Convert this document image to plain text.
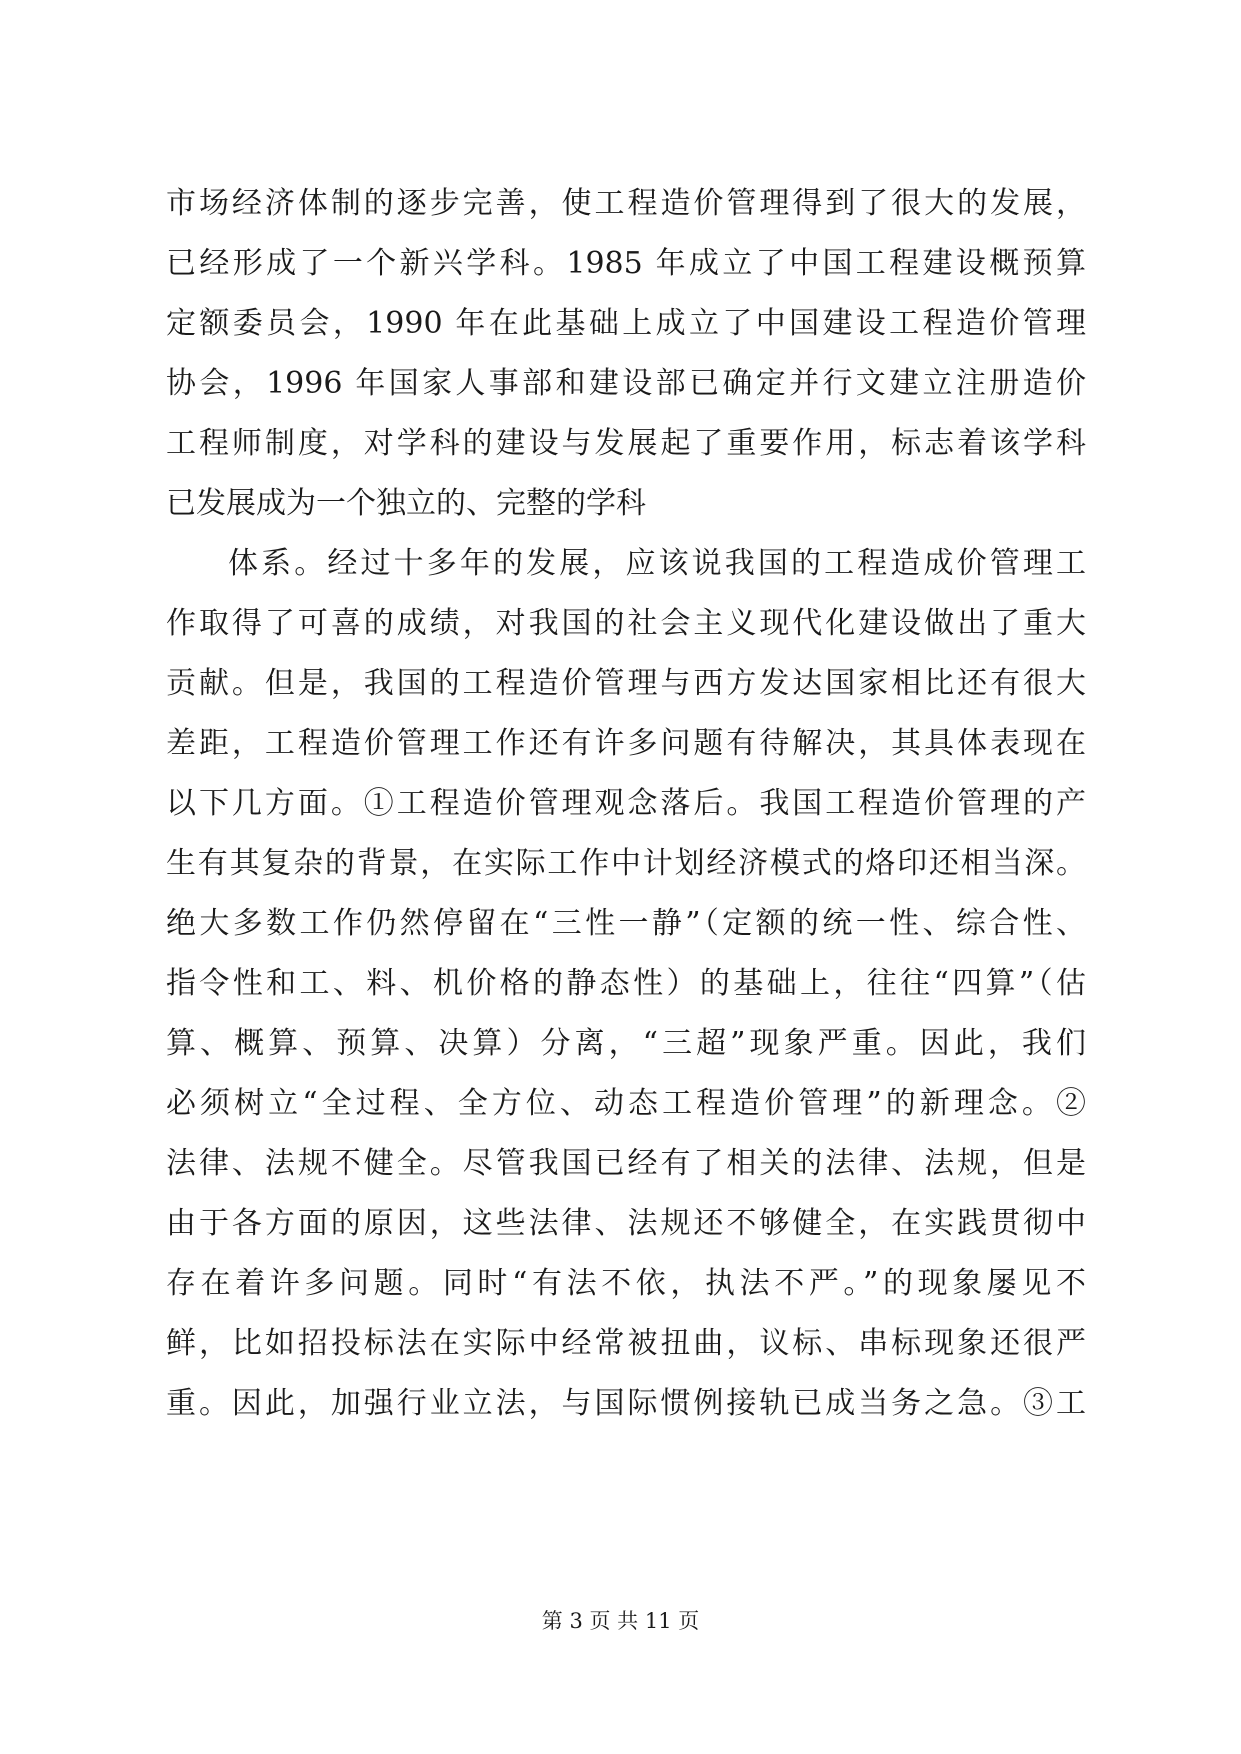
市场经济体制的逐步完善，使工程造价管理得到了很大的发展，
已经形成了一个新兴学科。1985 年成立了中国工程建设概预算
定额委员会，1990 年在此基础上成立了中国建设工程造价管理
协会，1996 年国家人事部和建设部已确定并行文建立注册造价
工程师制度，对学科的建设与发展起了重要作用，标志着该学科
已发展成为一个独立的、完整的学科
体系。经过十多年的发展，应该说我国的工程造成价管理工
作取得了可喜的成绩，对我国的社会主义现代化建设做出了重大
贡献。但是，我国的工程造价管理与西方发达国家相比还有很大
差距，工程造价管理工作还有许多问题有待解决，其具体表现在
以下几方面。①工程造价管理观念落后。我国工程造价管理的产
生有其复杂的背景，在实际工作中计划经济模式的烙印还相当深。
绝大多数工作仍然停留在“三性一静”（定额的统一性、综合性、
指令性和工、料、机价格的静态性）的基础上，往往“四算”（估
算、概算、预算、决算）分离，“三超”现象严重。因此，我们
必须树立“全过程、全方位、动态工程造价管理”的新理念。②
法律、法规不健全。尽管我国已经有了相关的法律、法规，但是
由于各方面的原因，这些法律、法规还不够健全，在实践贯彻中
存在着许多问题。同时“有法不依，执法不严。”的现象屡见不
鲜，比如招投标法在实际中经常被扭曲，议标、串标现象还很严
重。因此，加强行业立法，与国际惯例接轨已成当务之急。③工
第 3 页 共 11 页
